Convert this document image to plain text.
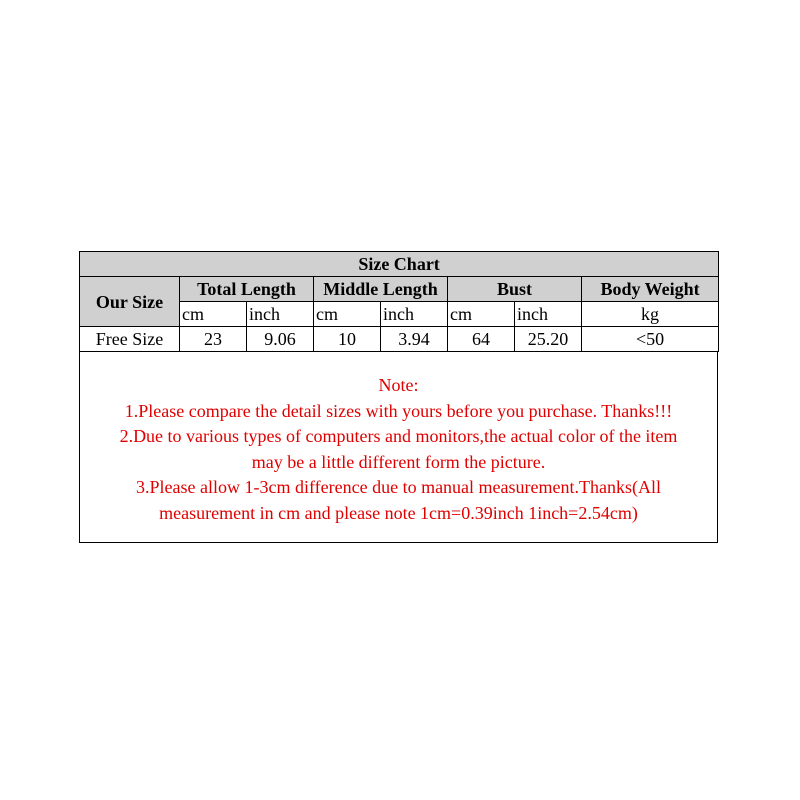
Size Chart							
Our Size	Total Length		Middle Length		Bust		Body Weight
	cm	inch	cm	inch	cm	inch	kg
Free Size	23	9.06	10	3.94	64	25.20	<50
Note:
1.Please compare the detail sizes with yours before you purchase. Thanks!!!
2.Due to various types of computers and monitors,the actual color of the item
may be a little different form the picture.
3.Please allow 1-3cm difference due to manual measurement.Thanks(All
measurement in cm and please note 1cm=0.39inch 1inch=2.54cm)
